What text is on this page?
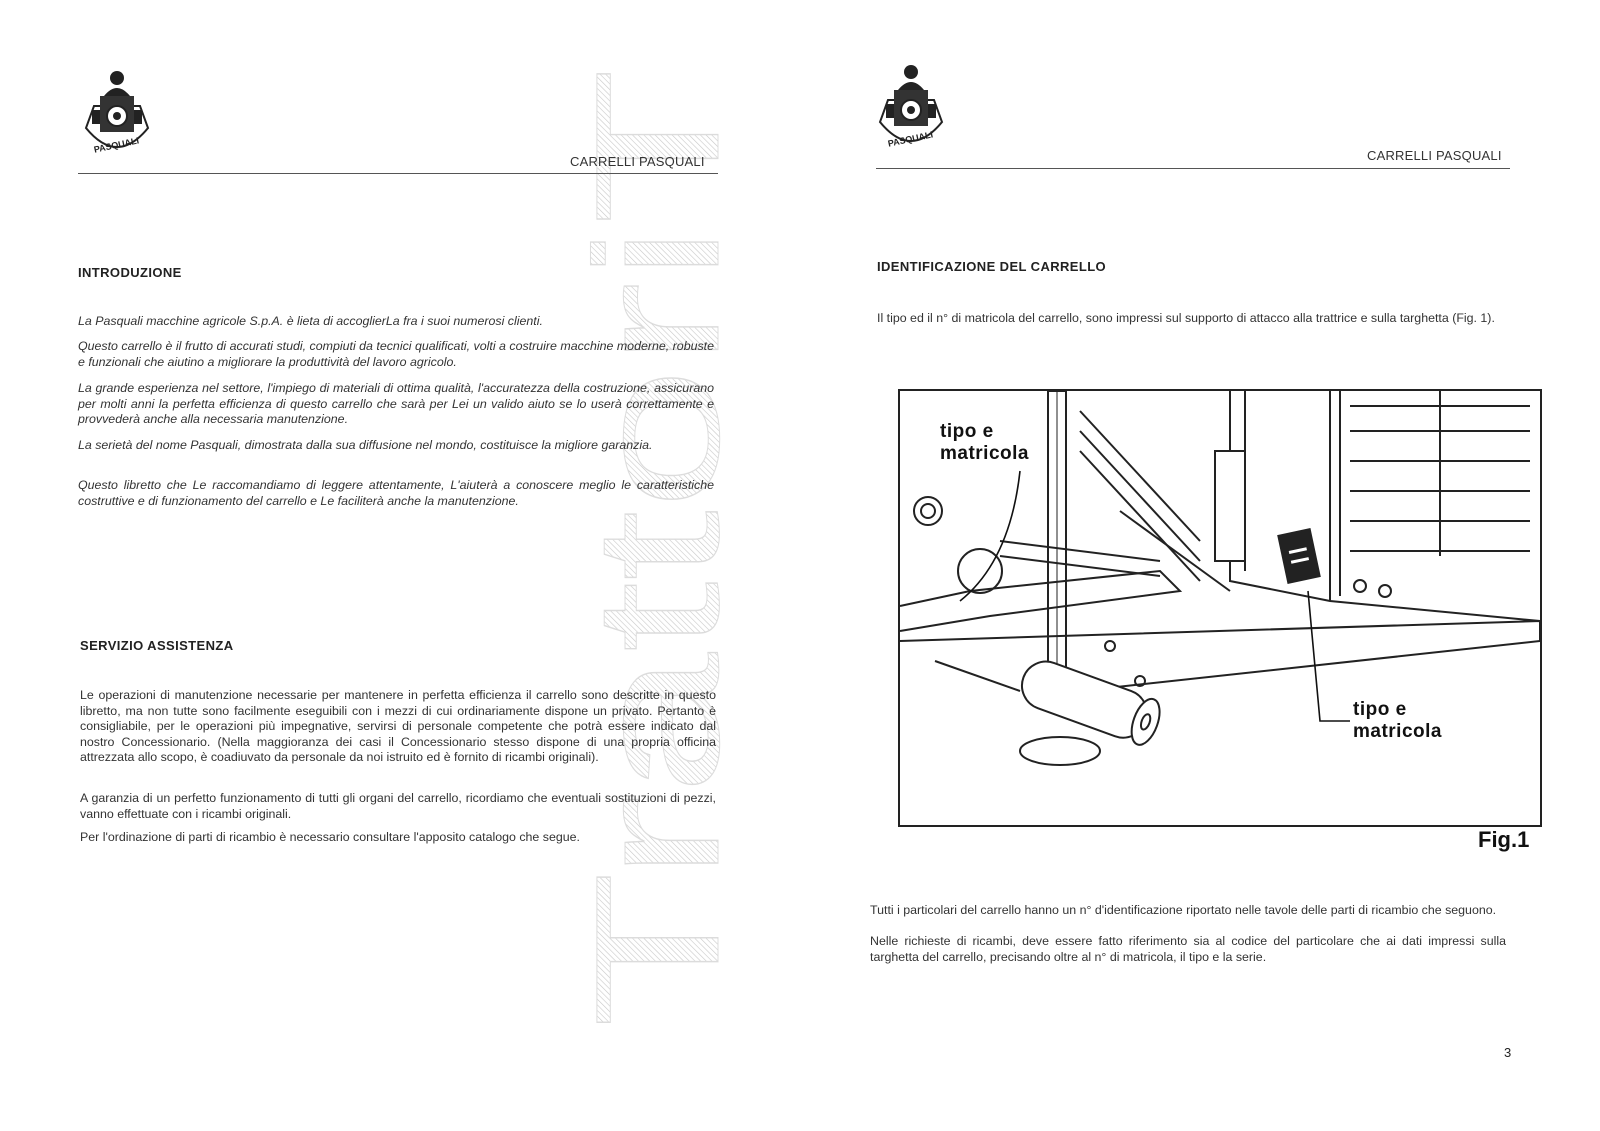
TrattoriT
PASQUALI
CARRELLI PASQUALI
INTRODUZIONE

La Pasquali macchine agricole S.p.A. è lieta di accoglierLa fra i suoi numerosi clienti.

Questo carrello è il frutto di accurati studi, compiuti da tecnici qualificati, volti a costruire macchine moderne, robuste e funzionali che aiutino a migliorare la produttività del lavoro agricolo.

La grande esperienza nel settore, l'impiego di materiali di ottima qualità, l'accuratezza della costruzione, assicurano per molti anni la perfetta efficienza di questo carrello che sarà per Lei un valido aiuto se lo userà correttamente e provvederà anche alla necessaria manutenzione.

La serietà del nome Pasquali, dimostrata dalla sua diffusione nel mondo, costituisce la migliore garanzia.

Questo libretto che Le raccomandiamo di leggere attentamente, L'aiuterà a conoscere meglio le caratteristiche costruttive e di funzionamento del carrello e Le faciliterà anche la manutenzione.

SERVIZIO ASSISTENZA

Le operazioni di manutenzione necessarie per mantenere in perfetta efficienza il carrello sono descritte in questo libretto, ma non tutte sono facilmente eseguibili con i mezzi di cui ordinariamente dispone un privato. Pertanto è consigliabile, per le operazioni più impegnative, servirsi di personale competente che potrà essere indicato dal nostro Concessionario. (Nella maggioranza dei casi il Concessionario stesso dispone di una propria officina attrezzata allo scopo, è coadiuvato da personale da noi istruito ed è fornito di ricambi originali).

A garanzia di un perfetto funzionamento di tutti gli organi del carrello, ricordiamo che eventuali sostituzioni di pezzi, vanno effettuate con i ricambi originali.

Per l'ordinazione di parti di ricambio è necessario consultare l'apposito catalogo che segue.

PASQUALI
CARRELLI PASQUALI
IDENTIFICAZIONE DEL CARRELLO

Il tipo ed il n° di matricola del carrello, sono impressi sul supporto di attacco alla trattrice e sulla targhetta (Fig. 1).

Tutti i particolari del carrello hanno un n° d'identificazione riportato nelle tavole delle parti di ricambio che seguono.

Nelle richieste di ricambi, deve essere fatto riferimento sia al codice del particolare che ai dati impressi sulla targhetta del carrello, precisando oltre al n° di matricola, il tipo e la serie.

3
tipo e matricola
tipo e matricola
Fig.1
